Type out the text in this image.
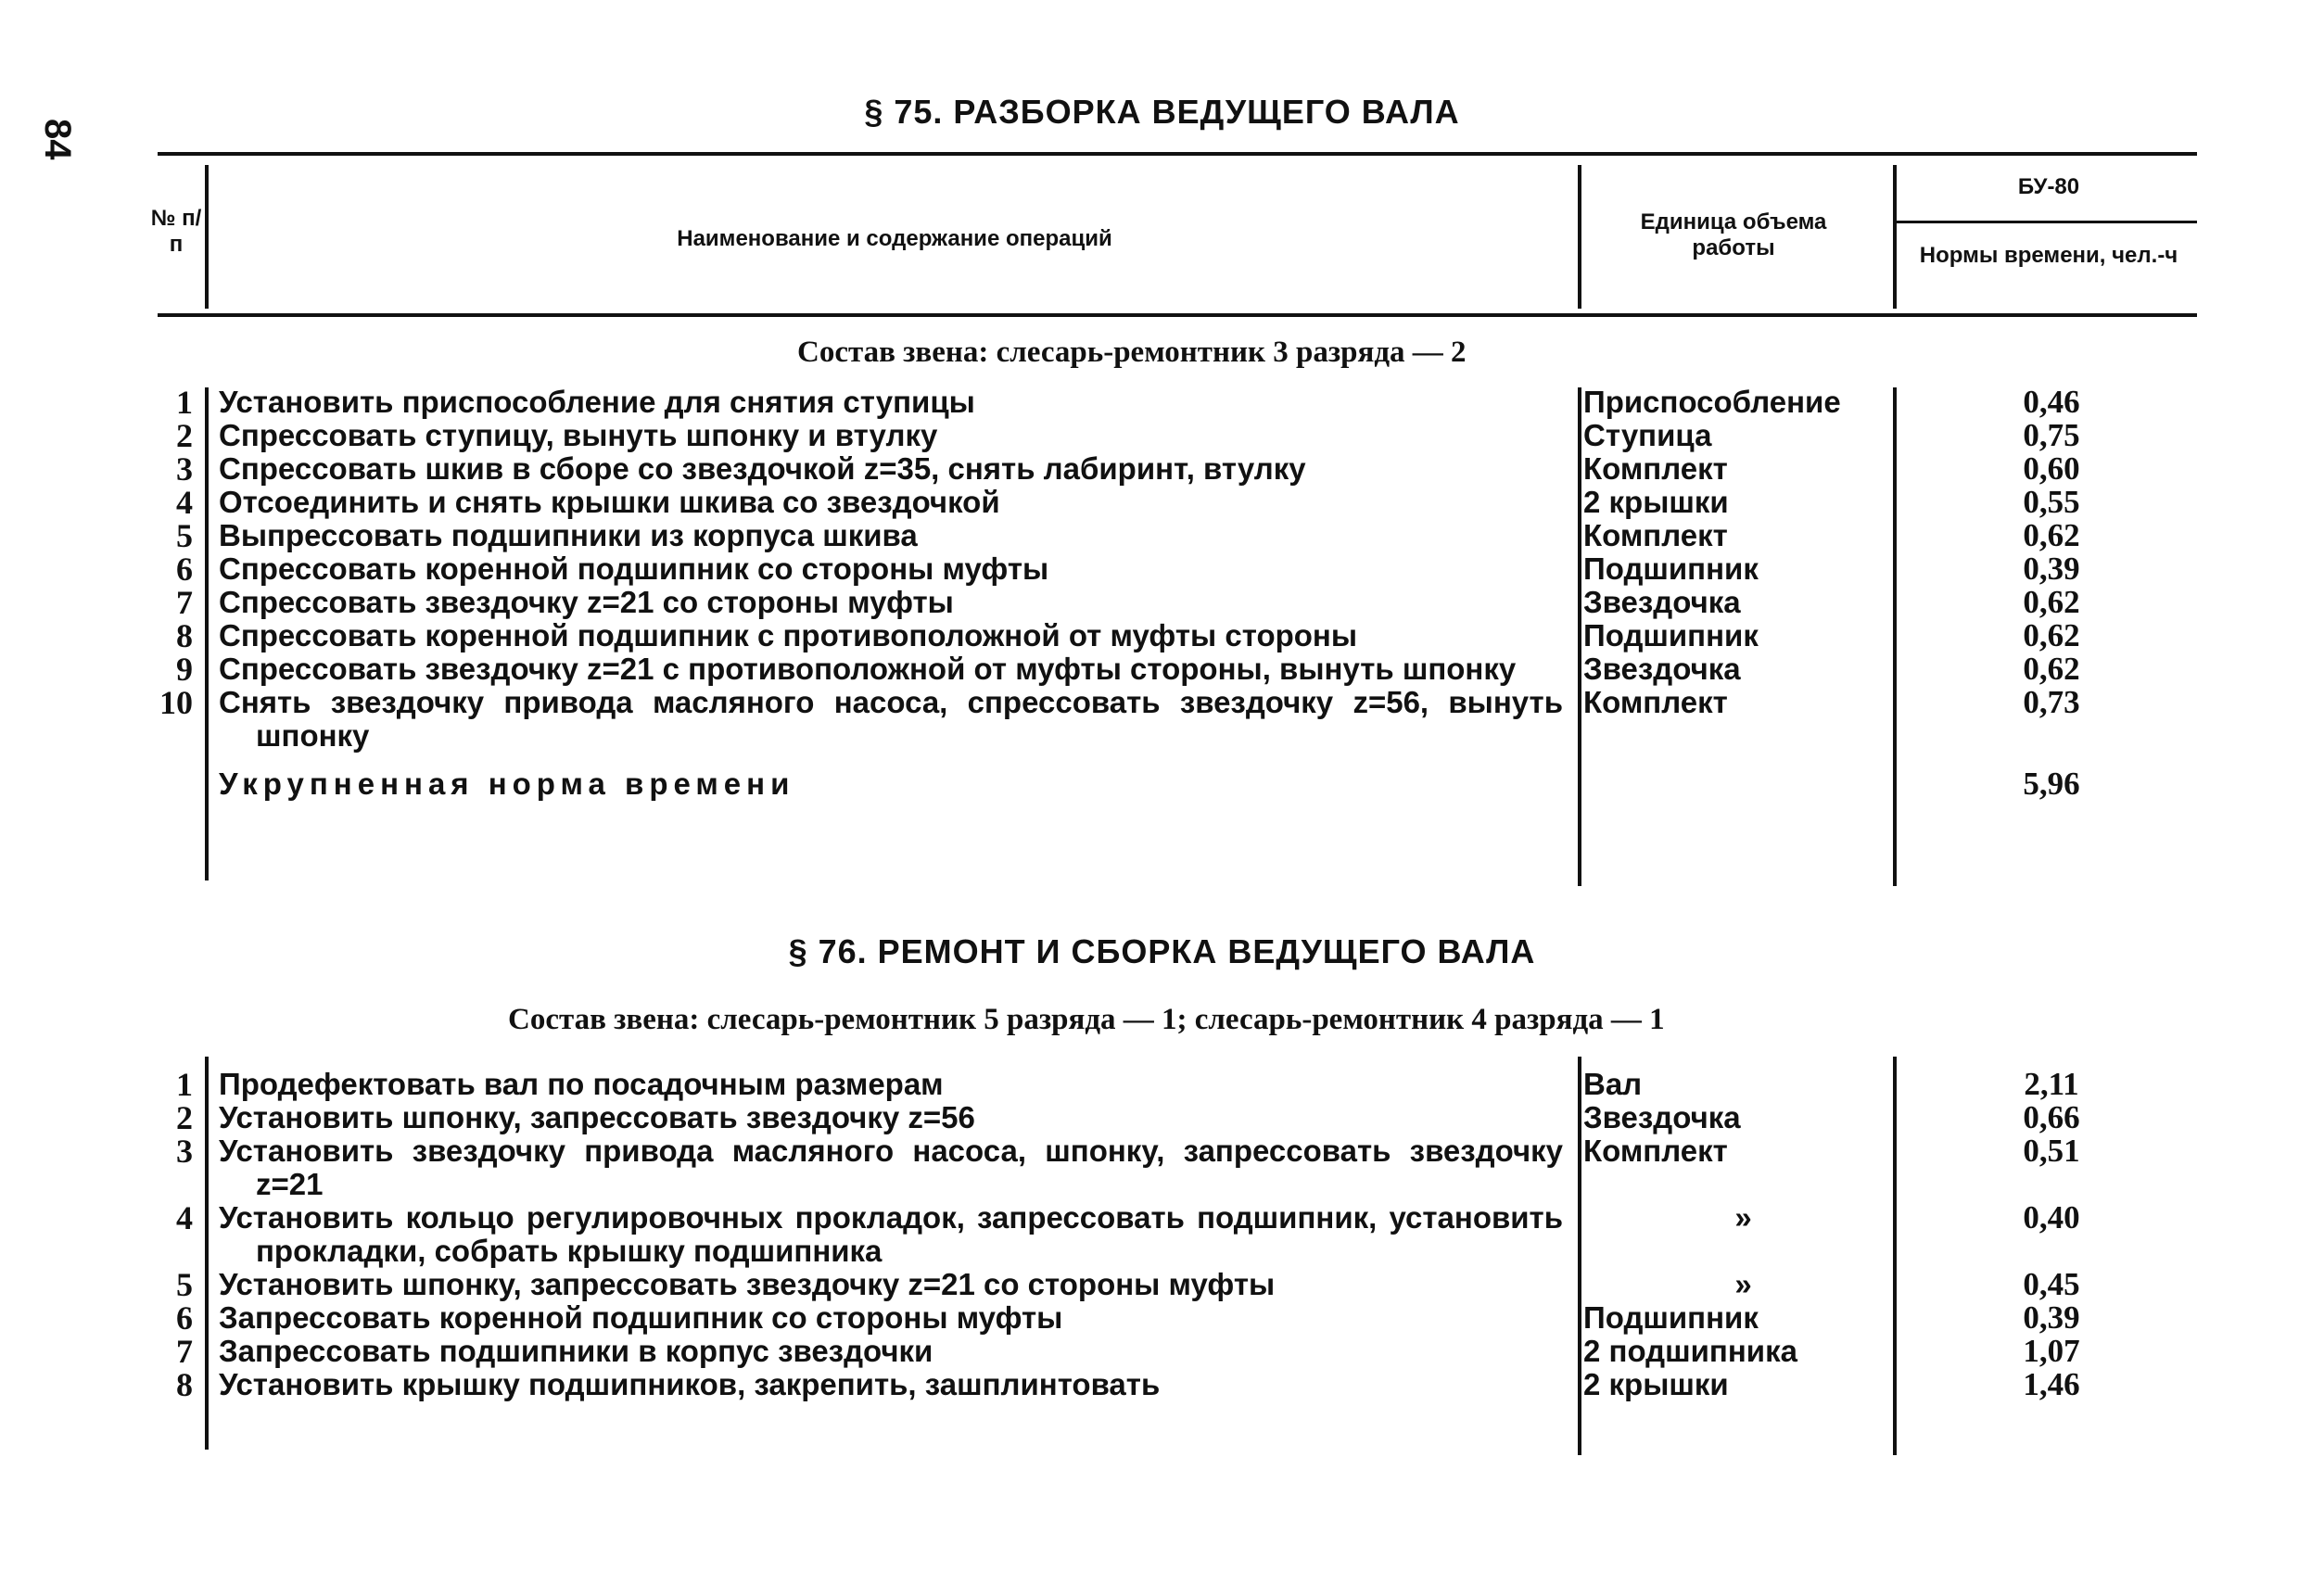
84
§ 75. РАЗБОРКА ВЕДУЩЕГО ВАЛА
№ п/п	Наименование и содержание операций
Единица объема работы
БУ-80
Нормы времени, чел.-ч
Состав звена: слесарь-ремонтник 3 разряда — 2
1	Установить приспособление для снятия ступицы	Приспособление	0,46
2	Спрессовать ступицу, вынуть шпонку и втулку	Ступица	0,75
3	Спрессовать шкив в сборе со звездочкой z=35, снять лабиринт, втулку	Комплект	0,60
4	Отсоединить и снять крышки шкива со звездочкой	2 крышки	0,55
5	Выпрессовать подшипники из корпуса шкива	Комплект	0,62
6	Спрессовать коренной подшипник со стороны муфты	Подшипник	0,39
7	Спрессовать звездочку z=21 со стороны муфты	Звездочка	0,62
8	Спрессовать коренной подшипник с противоположной от муфты стороны	Подшипник	0,62
9	Спрессовать звездочку z=21 с противоположной от муфты стороны, вынуть шпонку	Звездочка	0,62
10	Снять звездочку привода масляного насоса, спрессовать звездочку z=56, вынуть шпонку	Комплект	0,73
	Укрупненная норма времени		5,96
§ 76. РЕМОНТ И СБОРКА ВЕДУЩЕГО ВАЛА
Состав звена: слесарь-ремонтник 5 разряда — 1; слесарь-ремонтник 4 разряда — 1
1	Продефектовать вал по посадочным размерам	Вал	2,11
2	Установить шпонку, запрессовать звездочку z=56	Звездочка	0,66
3	Установить звездочку привода масляного насоса, шпонку, запрессовать звездочку z=21	Комплект	0,51
4	Установить кольцо регулировочных прокладок, запрессовать подшипник, установить прокладки, собрать крышку подшипника	»	0,40
5	Установить шпонку, запрессовать звездочку z=21 со стороны муфты	»	0,45
6	Запрессовать коренной подшипник со стороны муфты	Подшипник	0,39
7	Запрессовать подшипники в корпус звездочки	2 подшипника	1,07
8	Установить крышку подшипников, закрепить, зашплинтовать	2 крышки	1,46
